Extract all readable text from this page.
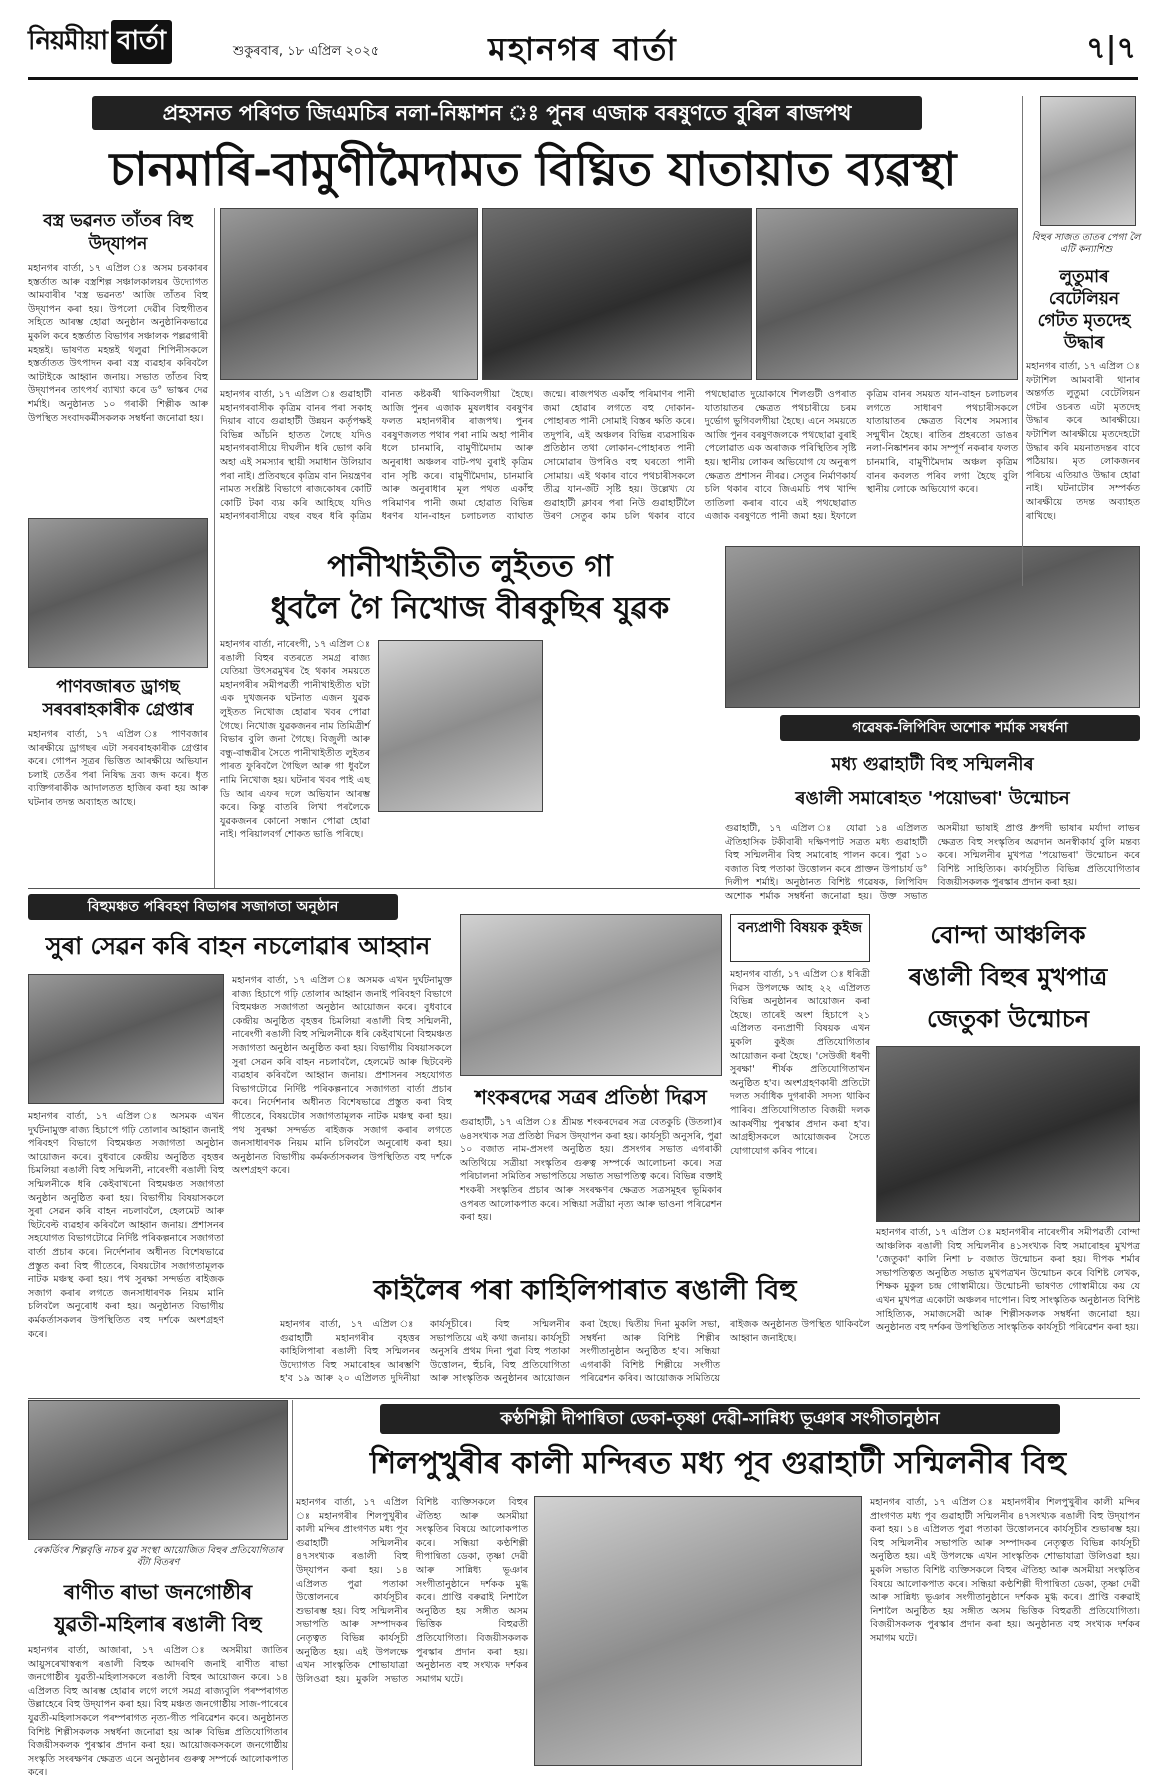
নিয়মীয়া বাৰ্তা	শুকুৰবাৰ, ১৮ এপ্ৰিল ২০২৫	মহানগৰ বাৰ্তা	৭|৭
প্ৰহসনত পৰিণত জিএমচিৰ নলা-নিষ্কাশন ঃ পুনৰ এজাক বৰষুণতে বুৰিল ৰাজপথ
চানমাৰি-বামুণীমৈদামত বিঘ্নিত যাতায়াত ব্যৱস্থা
বিহুৰ সাজত তাতৰ পেগা লৈ এটি কন্যাশিশু
লুতুমাৰ বেটেলিয়ন গেটত মৃতদেহ উদ্ধাৰ
মহানগৰ বাৰ্তা, ১৭ এপ্ৰিল ঃ ফটাশিল আমবাৰী থানাৰ অন্তৰ্গত লুতুমা বেটেলিয়ন গেটৰ ওচৰত এটা মৃতদেহ উদ্ধাৰ কৰে আৰক্ষীয়ে। ফটাশিল আৰক্ষীয়ে মৃতদেহটো উদ্ধাৰ কৰি ময়নাতদন্তৰ বাবে পঠিয়ায়। মৃত লোকজনৰ পৰিচয় এতিয়াও উদ্ধাৰ হোৱা নাই। ঘটনাটোৰ সম্পৰ্কত আৰক্ষীয়ে তদন্ত অব্যাহত ৰাখিছে।
বস্ত্ৰ ভৱনত তাঁতৰ বিহু উদ্‌যাপন
মহানগৰ বাৰ্তা, ১৭ এপ্ৰিল ঃ অসম চৰকাৰৰ হস্তৰ্তাত আৰু বস্ত্ৰশিল্প সঞ্চালকালয়ৰ উদ্যোগত আমবাৰীৰ 'বস্ত্ৰ ভৱনত' আজি তাঁতৰ বিহু উদ্‌যাপন কৰা হয়। উপলো দেৱীৰ বিহুগীতৰ সহিতে আৰম্ভ হোৱা অনুষ্ঠান অনুষ্ঠানিকভাৱে মুকলি কৰে হস্তৰ্তাত বিভাগৰ সঞ্চালক পল্লৱগাৰী মহন্তই। ভাষণত মহন্তই থলুৱা শিপিনীসকলে হস্তৰ্তাতত উৎপাদন কৰা বস্ত্ৰ ব্যৱহাৰ কৰিবলৈ আটাইকে আহ্বান জনায়। সভাত তাঁতৰ বিহু উদ্‌যাপনৰ তাৎপৰ্য ব্যাখ্যা কৰে ড° ভাস্কৰ দেৱ শৰ্মাই। অনুষ্ঠানত ১০ গৰাকী শিল্পীক আৰু উপস্থিত সংবাদকৰ্মীসকলক সম্বৰ্ধনা জনোৱা হয়।
মহানগৰ বাৰ্তা, ১৭ এপ্ৰিল ঃ গুৱাহাটী মহানগৰবাসীক কৃত্ৰিম বানৰ পৰা সকাহ দিয়াৰ বাবে গুৱাহাটী উন্নয়ন কৰ্তৃপক্ষই বিভিন্ন আঁচনি হাতত লৈছে যদিও মহানগৰবাসীয়ে দীঘলীন ধৰি ভোগ কৰি অহা এই সমস্যাৰ স্থায়ী সমাধান উলিয়াব পৰা নাই। প্ৰতিবছৰে কৃত্ৰিম বান নিয়ন্ত্ৰণৰ নামত সংশ্লিষ্ট বিভাগে ৰাজকোষৰ কোটি কোটি টকা ব্যয় কৰি আহিছে যদিও মহানগৰবাসীয়ে বছৰ বছৰ ধৰি কৃত্ৰিম বানত কষ্টকৰ্ষী থাকিবলগীয়া হৈছে। আজি পুনৰ এজাক মুষলধাৰ বৰষুণৰ ফলত মহানগৰীৰ ৰাজপথ। পুনৰ বৰষুণজলত পথাৰ পৰা নামি অহা পানীৰ ধলে চানমাৰি, বামুণীমৈদাম আৰু অনুৰাধা অঞ্চলৰ বাট-পথ বুৰাই কৃত্ৰিম বান সৃষ্টি কৰে। বামুণীমৈদাম, চানমাৰি আৰু অনুৰাধাৰ মূল পথত একাঁহু পৰিমাণৰ পানী জমা হোৱাত বিভিন্ন ধৰণৰ যান-বাহন চলাচলত ব্যাঘাত জন্মে। ৰাজপথত একাঁহু পৰিমাণৰ পানী জমা হোৱাৰ লগতে বহু দোকান-পোহাৰত পানী সোমাই বিস্তৰ ক্ষতি কৰে। তদুপৰি, এই অঞ্চলৰ বিভিন্ন ব্যৱসায়িক প্ৰতিষ্ঠান তথা লোকান-পোহাৰত পানী সোমোৱাৰ উপৰিও বহু ঘৰতো পানী সোমায়। এই থকাৰ বাবে পথচাৰীসকলে তীব্ৰ যান-জঁট সৃষ্টি হয়। উল্লেখ্য যে গুৱাহাটী ক্লাবৰ পৰা নিউ গুৱাহাটীলৈ উৰণ সেতুৰ কাম চলি থকাৰ বাবে পথছোৱাত দুয়োকাষে শিলগুটী ওপৰাত যাতায়াতৰ ক্ষেত্ৰত পথচাৰীয়ে চৰম দুৰ্ভোগ ভুগিবলগীয়া হৈছে। এনে সময়তে আজি পুনৰ বৰষুণজলকে পথছোৱা বুৰাই পেলোৱাত এক অৰাজক পৰিস্থিতিৰ সৃষ্টি হয়। স্থানীয় লোকৰ অভিযোগ যে অনুৰূপ ক্ষেত্ৰত প্ৰশাসন নীৰৱ। সেতুৰ নিৰ্মাণকাৰ্য চলি থকাৰ বাবে জিএমচি পথ খান্দি তাতিলা কৰাৰ বাবে এই পথছোৱাত এজাক বৰষুণতে পানী জমা হয়। ইফালে কৃত্ৰিম বানৰ সময়ত যান-বাহন চলাচলৰ লগতে সাধাৰণ পথচাৰীসকলে যাতায়াতৰ ক্ষেত্ৰত বিশেষ সমস্যাৰ সন্মুখীন হৈছে। ৰাতিৰ প্ৰহৰতো ডাঙৰ নলা-নিষ্কাশনৰ কাম সম্পূৰ্ণ নকৰাৰ ফলত চানমাৰি, বামুণীমৈদাম অঞ্চল কৃত্ৰিম বানৰ কবলত পৰিব লগা হৈছে বুলি স্থানীয় লোকে অভিযোগ কৰে।
পাণবজাৰত ড্ৰাগছ সৰবৰাহকাৰীক গ্ৰেপ্তাৰ
মহানগৰ বাৰ্তা, ১৭ এপ্ৰিল ঃ পাণবজাৰ আৰক্ষীয়ে ড্ৰাগছৰ এটা সৰবৰাহকাৰীক গ্ৰেপ্তাৰ কৰে। গোপন সূত্ৰৰ ভিত্তিত আৰক্ষীয়ে অভিযান চলাই তেওঁৰ পৰা নিষিদ্ধ দ্ৰব্য জব্দ কৰে। ধৃত ব্যক্তিগৰাকীক আদালতত হাজিৰ কৰা হয় আৰু ঘটনাৰ তদন্ত অব্যাহত আছে।
পানীখাইতীত লুইতত গা
ধুবলৈ গৈ নিখোজ বীৰকুছিৰ যুৱক
মহানগৰ বাৰ্তা, নাৰেংগী, ১৭ এপ্ৰিল ঃ ৰঙালী বিহুৰ বতৰতে সমগ্ৰ ৰাজ্য যেতিয়া উৎসৱমুখৰ হৈ থকাৰ সময়তে মহানগৰীৰ সমীপৱৰ্তী পানীখাইতীত ঘটা এক দুখজনক ঘটনাত এজন যুৱক লুইতত নিখোজ হোৱাৰ খবৰ পোৱা গৈছে। নিখোজ যুৱকজনৰ নাম তিমিত্ৰীৰ্শ বিভাৰ বুলি জনা গৈছে। বিজুলী আৰু বন্ধু-বান্ধৱীৰ সৈতে পানীখাইতীত লুইতৰ পাৰত ফুৰিবলৈ গৈছিল আৰু গা ধুবলৈ নামি নিখোজ হয়। ঘটনাৰ খবৰ পাই এছ ডি আৰ এফৰ দলে অভিযান আৰম্ভ কৰে। কিন্তু বাতৰি লিখা পৰলৈকে যুৱকজনৰ কোনো সন্ধান পোৱা হোৱা নাই। পৰিয়ালবৰ্গ শোকত ভাঙি পৰিছে।
গৱেষক-লিপিবিদ অশোক শৰ্মাক সম্বৰ্ধনা
মধ্য গুৱাহাটী বিহু সন্মিলনীৰ
ৰঙালী সমাৰোহত 'পয়োভৰা' উন্মোচন
গুৱাহাটী, ১৭ এপ্ৰিল ঃ যোৱা ১৪ এপ্ৰিলত ঐতিহাসিক টকীবাৰী দক্ষিণপাট সত্ৰত মধ্য গুৱাহাটী বিহু সন্মিলনীৰ বিহু সমাৰোহ পালন কৰে। পুৱা ১০ বজাত বিহু পতাকা উত্তোলন কৰে প্ৰাক্তন উপাচাৰ্য ড° দিলীপ শৰ্মাই। অনুষ্ঠানত বিশিষ্ট গৱেষক, লিপিবিদ অশোক শৰ্মাক সম্বৰ্ধনা জনোৱা হয়। উক্ত সভাত অসমীয়া ভাষাই প্ৰাপ্ত ধ্ৰুপদী ভাষাৰ মৰ্যাদা লাভৰ ক্ষেত্ৰত বিহু সংস্কৃতিৰ অৱদান অনস্বীকাৰ্য বুলি মন্তব্য কৰে। সন্মিলনীৰ মুখপত্ৰ 'পয়োভৰা' উন্মোচন কৰে বিশিষ্ট সাহিত্যিক। কাৰ্যসূচীত বিভিন্ন প্ৰতিযোগিতাৰ বিজয়ীসকলক পুৰস্কাৰ প্ৰদান কৰা হয়।
বিহুমঞ্চত পৰিবহণ বিভাগৰ সজাগতা অনুষ্ঠান
সুৰা সেৱন কৰি বাহন নচলোৱাৰ আহ্বান
মহানগৰ বাৰ্তা, ১৭ এপ্ৰিল ঃ অসমক এখন দুৰ্ঘটনামুক্ত ৰাজ্য হিচাপে গঢ়ি তোলাৰ আহ্বান জনাই পৰিবহণ বিভাগে বিহুমঞ্চত সজাগতা অনুষ্ঠান আয়োজন কৰে। বুধবাৰে কেন্দ্ৰীয় অনুষ্ঠিত বৃহত্তৰ চিমলিয়া ৰঙালী বিহু সন্মিলনী, নাৰেংগী ৰঙালী বিহু সন্মিলনীকে ধৰি কেইবাখনো বিহুমঞ্চত সজাগতা অনুষ্ঠান অনুষ্ঠিত কৰা হয়। বিভাগীয় বিষয়াসকলে সুৰা সেৱন কৰি বাহন নচলাবলৈ, হেলমেট আৰু ছিটবেল্ট ব্যৱহাৰ কৰিবলৈ আহ্বান জনায়। প্ৰশাসনৰ সহযোগত বিভাগটোৱে নিৰ্দিষ্ট পৰিকল্পনাৰে সজাগতা বাৰ্তা প্ৰচাৰ কৰে। নিৰ্দেশনাৰ অধীনত বিশেষভাৱে প্ৰস্তুত কৰা বিহু গীতেৰে, বিষয়টোৰ সজাগতামূলক নাটক মঞ্চস্থ কৰা হয়। পথ সুৰক্ষা সন্দৰ্ভত ৰাইজক সজাগ কৰাৰ লগতে জনসাধাৰণক নিয়ম মানি চলিবলৈ অনুৰোধ কৰা হয়। অনুষ্ঠানত বিভাগীয় কৰ্মকৰ্তাসকলৰ উপস্থিতিত বহু দৰ্শকে অংশগ্ৰহণ কৰে।
মহানগৰ বাৰ্তা, ১৭ এপ্ৰিল ঃ অসমক এখন দুৰ্ঘটনামুক্ত ৰাজ্য হিচাপে গঢ়ি তোলাৰ আহ্বান জনাই পৰিবহণ বিভাগে বিহুমঞ্চত সজাগতা অনুষ্ঠান আয়োজন কৰে। বুধবাৰে কেন্দ্ৰীয় অনুষ্ঠিত বৃহত্তৰ চিমলিয়া ৰঙালী বিহু সন্মিলনী, নাৰেংগী ৰঙালী বিহু সন্মিলনীকে ধৰি কেইবাখনো বিহুমঞ্চত সজাগতা অনুষ্ঠান অনুষ্ঠিত কৰা হয়। বিভাগীয় বিষয়াসকলে সুৰা সেৱন কৰি বাহন নচলাবলৈ, হেলমেট আৰু ছিটবেল্ট ব্যৱহাৰ কৰিবলৈ আহ্বান জনায়। প্ৰশাসনৰ সহযোগত বিভাগটোৱে নিৰ্দিষ্ট পৰিকল্পনাৰে সজাগতা বাৰ্তা প্ৰচাৰ কৰে। নিৰ্দেশনাৰ অধীনত বিশেষভাৱে প্ৰস্তুত কৰা বিহু গীতেৰে, বিষয়টোৰ সজাগতামূলক নাটক মঞ্চস্থ কৰা হয়। পথ সুৰক্ষা সন্দৰ্ভত ৰাইজক সজাগ কৰাৰ লগতে জনসাধাৰণক নিয়ম মানি চলিবলৈ অনুৰোধ কৰা হয়। অনুষ্ঠানত বিভাগীয় কৰ্মকৰ্তাসকলৰ উপস্থিতিত বহু দৰ্শকে অংশগ্ৰহণ কৰে।
বন্যপ্ৰাণী বিষয়ক কুইজ
মহানগৰ বাৰ্তা, ১৭ এপ্ৰিল ঃ ধৰিত্ৰী দিৱস উপলক্ষে আহ ২২ এপ্ৰিলত বিভিন্ন অনুষ্ঠানৰ আয়োজন কৰা হৈছে। তাৰেই অংশ হিচাপে ২১ এপ্ৰিলত বন্যপ্ৰাণী বিষয়ক এখন মুকলি কুইজ প্ৰতিযোগিতাৰ আয়োজন কৰা হৈছে। 'সেউজী ধৰণী সুৰক্ষা' শীৰ্ষক প্ৰতিযোগিতাখন অনুষ্ঠিত হ'ব। অংশগ্ৰহণকাৰী প্ৰতিটো দলত সৰ্বাধিক দুগৰাকী সদস্য থাকিব পাৰিব। প্ৰতিযোগিতাত বিজয়ী দলক আকৰ্ষণীয় পুৰস্কাৰ প্ৰদান কৰা হ'ব। আগ্ৰহীসকলে আয়োজকৰ সৈতে যোগাযোগ কৰিব পাৰে।
শংকৰদেৱ সত্ৰৰ প্ৰতিষ্ঠা দিৱস
গুৱাহাটী, ১৭ এপ্ৰিল ঃ শ্ৰীমন্ত শংকৰদেৱৰ সত্ৰ বেতকুচি (উতলা)ৰ ৬৪সংখ্যক সত্ৰ প্ৰতিষ্ঠা দিৱস উদ্‌যাপন কৰা হয়। কাৰ্যসূচী অনুসৰি, পুৱা ১০ বজাত নাম-প্ৰসংগ অনুষ্ঠিত হয়। প্ৰসংগৰ সভাত এগৰাকী অতিথিয়ে সত্ৰীয়া সংস্কৃতিৰ গুৰুত্ব সম্পৰ্কে আলোচনা কৰে। সত্ৰ পৰিচালনা সমিতিৰ সভাপতিয়ে সভাত সভাপতিত্ব কৰে। বিভিন্ন বক্তাই শংকৰী সংস্কৃতিৰ প্ৰচাৰ আৰু সংৰক্ষণৰ ক্ষেত্ৰত সত্ৰসমূহৰ ভূমিকাৰ ওপৰত আলোকপাত কৰে। সন্ধিয়া সত্ৰীয়া নৃত্য আৰু ভাওনা পৰিৱেশন কৰা হয়।
বোন্দা আঞ্চলিক
ৰঙালী বিহুৰ মুখপাত্ৰ
জেতুকা উন্মোচন
মহানগৰ বাৰ্তা, ১৭ এপ্ৰিল ঃ মহানগৰীৰ নাৰেংগীৰ সমীপৱৰ্তী বোন্দা আঞ্চলিক ৰঙালী বিহু সন্মিলনীৰ ৪১সংখ্যক বিহু সমাৰোহৰ মুখপত্ৰ 'জেতুকা' কালি নিশা ৮ বজাত উন্মোচন কৰা হয়। দীপক শৰ্মাৰ সভাপতিত্বত অনুষ্ঠিত সভাত মুখপত্ৰখন উন্মোচন কৰে বিশিষ্ট লেখক, শিক্ষক মুকুল চন্দ্ৰ গোস্বামীয়ে। উন্মোচনী ভাষণত গোস্বামীয়ে কয় যে এখন মুখপত্ৰ একোটা অঞ্চলৰ দাপোন। বিহু সাংস্কৃতিক অনুষ্ঠানত বিশিষ্ট সাহিত্যিক, সমাজসেৱী আৰু শিল্পীসকলক সম্বৰ্ধনা জনোৱা হয়। অনুষ্ঠানত বহু দৰ্শকৰ উপস্থিতিত সাংস্কৃতিক কাৰ্যসূচী পৰিৱেশন কৰা হয়।
কাইলৈৰ পৰা কাহিলিপাৰাত ৰঙালী বিহু
মহানগৰ বাৰ্তা, ১৭ এপ্ৰিল ঃ গুৱাহাটী মহানগৰীৰ বৃহত্তৰ কাহিলিপাৰা ৰঙালী বিহু সন্মিলনৰ উদ্যোগত বিহু সমাৰোহৰ আৰম্ভণি হ'ব ১৯ আৰু ২০ এপ্ৰিলত দুদিনীয়া কাৰ্যসূচীৰে। বিহু সন্মিলনীৰ সভাপতিয়ে এই কথা জনায়। কাৰ্যসূচী অনুসৰি প্ৰথম দিনা পুৱা বিহু পতাকা উত্তোলন, হুঁচৰি, বিহু প্ৰতিযোগিতা আৰু সাংস্কৃতিক অনুষ্ঠানৰ আয়োজন কৰা হৈছে। দ্বিতীয় দিনা মুকলি সভা, সম্বৰ্ধনা আৰু বিশিষ্ট শিল্পীৰ সংগীতানুষ্ঠান অনুষ্ঠিত হ'ব। সন্ধিয়া এগৰাকী বিশিষ্ট শিল্পীয়ে সংগীত পৰিৱেশন কৰিব। আয়োজক সমিতিয়ে ৰাইজক অনুষ্ঠানত উপস্থিত থাকিবলৈ আহ্বান জনাইছে।
ৰেকৰ্ডিংৰ শিল্পবৃত্তি নাচৰ যুৱ সংস্থা আয়োজিত বিহুৰ প্ৰতিযোগিতাৰ বঁটা বিতৰণ
ৰাণীত ৰাভা জনগোষ্ঠীৰ
যুৱতী-মহিলাৰ ৰঙালী বিহু
মহানগৰ বাৰ্তা, আজাৰা, ১৭ এপ্ৰিল ঃ অসমীয়া জাতিৰ আয়ুসৰেখাস্বৰূপ ৰঙালী বিহুক আদৰণি জনাই ৰাণীত ৰাভা জনগোষ্ঠীৰ যুৱতী-মহিলাসকলে ৰঙালী বিহুৰ আয়োজন কৰে। ১৪ এপ্ৰিলত বিহু আৰম্ভ হোৱাৰ লগে লগে সমগ্ৰ ৰাজ্যবুলি পৰম্পৰাগত উল্লাহেৰে বিহু উদ্‌যাপন কৰা হয়। বিহু মঞ্চত জনগোষ্ঠীয় সাজ-পাৰেৰে যুৱতী-মহিলাসকলে পৰম্পৰাগত নৃত্য-গীত পৰিৱেশন কৰে। অনুষ্ঠানত বিশিষ্ট শিল্পীসকলক সম্বৰ্ধনা জনোৱা হয় আৰু বিভিন্ন প্ৰতিযোগিতাৰ বিজয়ীসকলক পুৰস্কাৰ প্ৰদান কৰা হয়। আয়োজকসকলে জনগোষ্ঠীয় সংস্কৃতি সংৰক্ষণৰ ক্ষেত্ৰত এনে অনুষ্ঠানৰ গুৰুত্ব সম্পৰ্কে আলোকপাত কৰে।
কণ্ঠশিল্পী দীপান্বিতা ডেকা-তৃষ্ণা দেৱী-সান্নিধ্য ভূঞাৰ সংগীতানুষ্ঠান
শিলপুখুৰীৰ কালী মন্দিৰত মধ্য পূব গুৱাহাটী সন্মিলনীৰ বিহু
মহানগৰ বাৰ্তা, ১৭ এপ্ৰিল ঃ মহানগৰীৰ শিলপুখুৰীৰ কালী মন্দিৰ প্ৰাংগণত মধ্য পূব গুৱাহাটী সন্মিলনীৰ ৪৭সংখ্যক ৰঙালী বিহু উদ্‌যাপন কৰা হয়। ১৪ এপ্ৰিলত পুৱা পতাকা উত্তোলনৰে কাৰ্যসূচীৰ শুভাৰম্ভ হয়। বিহু সন্মিলনীৰ সভাপতি আৰু সম্পাদকৰ নেতৃত্বত বিভিন্ন কাৰ্যসূচী অনুষ্ঠিত হয়। এই উপলক্ষে এখন সাংস্কৃতিক শোভাযাত্ৰা উলিওৱা হয়। মুকলি সভাত বিশিষ্ট ব্যক্তিসকলে বিহুৰ ঐতিহ্য আৰু অসমীয়া সংস্কৃতিৰ বিষয়ে আলোকপাত কৰে। সন্ধিয়া কণ্ঠশিল্পী দীপান্বিতা ডেকা, তৃষ্ণা দেৱী আৰু সান্নিধ্য ভূঞাৰ সংগীতানুষ্ঠানে দৰ্শকক মুগ্ধ কৰে। প্ৰাপ্তি বৰুৱাই নিশালৈ অনুষ্ঠিত হয় সঙ্গীত অসম ভিত্তিক বিহুৱতী প্ৰতিযোগিতা। বিজয়ীসকলক পুৰস্কাৰ প্ৰদান কৰা হয়। অনুষ্ঠানত বহু সংখ্যক দৰ্শকৰ সমাগম ঘটে।
মহানগৰ বাৰ্তা, ১৭ এপ্ৰিল ঃ মহানগৰীৰ শিলপুখুৰীৰ কালী মন্দিৰ প্ৰাংগণত মধ্য পূব গুৱাহাটী সন্মিলনীৰ ৪৭সংখ্যক ৰঙালী বিহু উদ্‌যাপন কৰা হয়। ১৪ এপ্ৰিলত পুৱা পতাকা উত্তোলনৰে কাৰ্যসূচীৰ শুভাৰম্ভ হয়। বিহু সন্মিলনীৰ সভাপতি আৰু সম্পাদকৰ নেতৃত্বত বিভিন্ন কাৰ্যসূচী অনুষ্ঠিত হয়। এই উপলক্ষে এখন সাংস্কৃতিক শোভাযাত্ৰা উলিওৱা হয়। মুকলি সভাত বিশিষ্ট ব্যক্তিসকলে বিহুৰ ঐতিহ্য আৰু অসমীয়া সংস্কৃতিৰ বিষয়ে আলোকপাত কৰে। সন্ধিয়া কণ্ঠশিল্পী দীপান্বিতা ডেকা, তৃষ্ণা দেৱী আৰু সান্নিধ্য ভূঞাৰ সংগীতানুষ্ঠানে দৰ্শকক মুগ্ধ কৰে। প্ৰাপ্তি বৰুৱাই নিশালৈ অনুষ্ঠিত হয় সঙ্গীত অসম ভিত্তিক বিহুৱতী প্ৰতিযোগিতা। বিজয়ীসকলক পুৰস্কাৰ প্ৰদান কৰা হয়। অনুষ্ঠানত বহু সংখ্যক দৰ্শকৰ সমাগম ঘটে।
